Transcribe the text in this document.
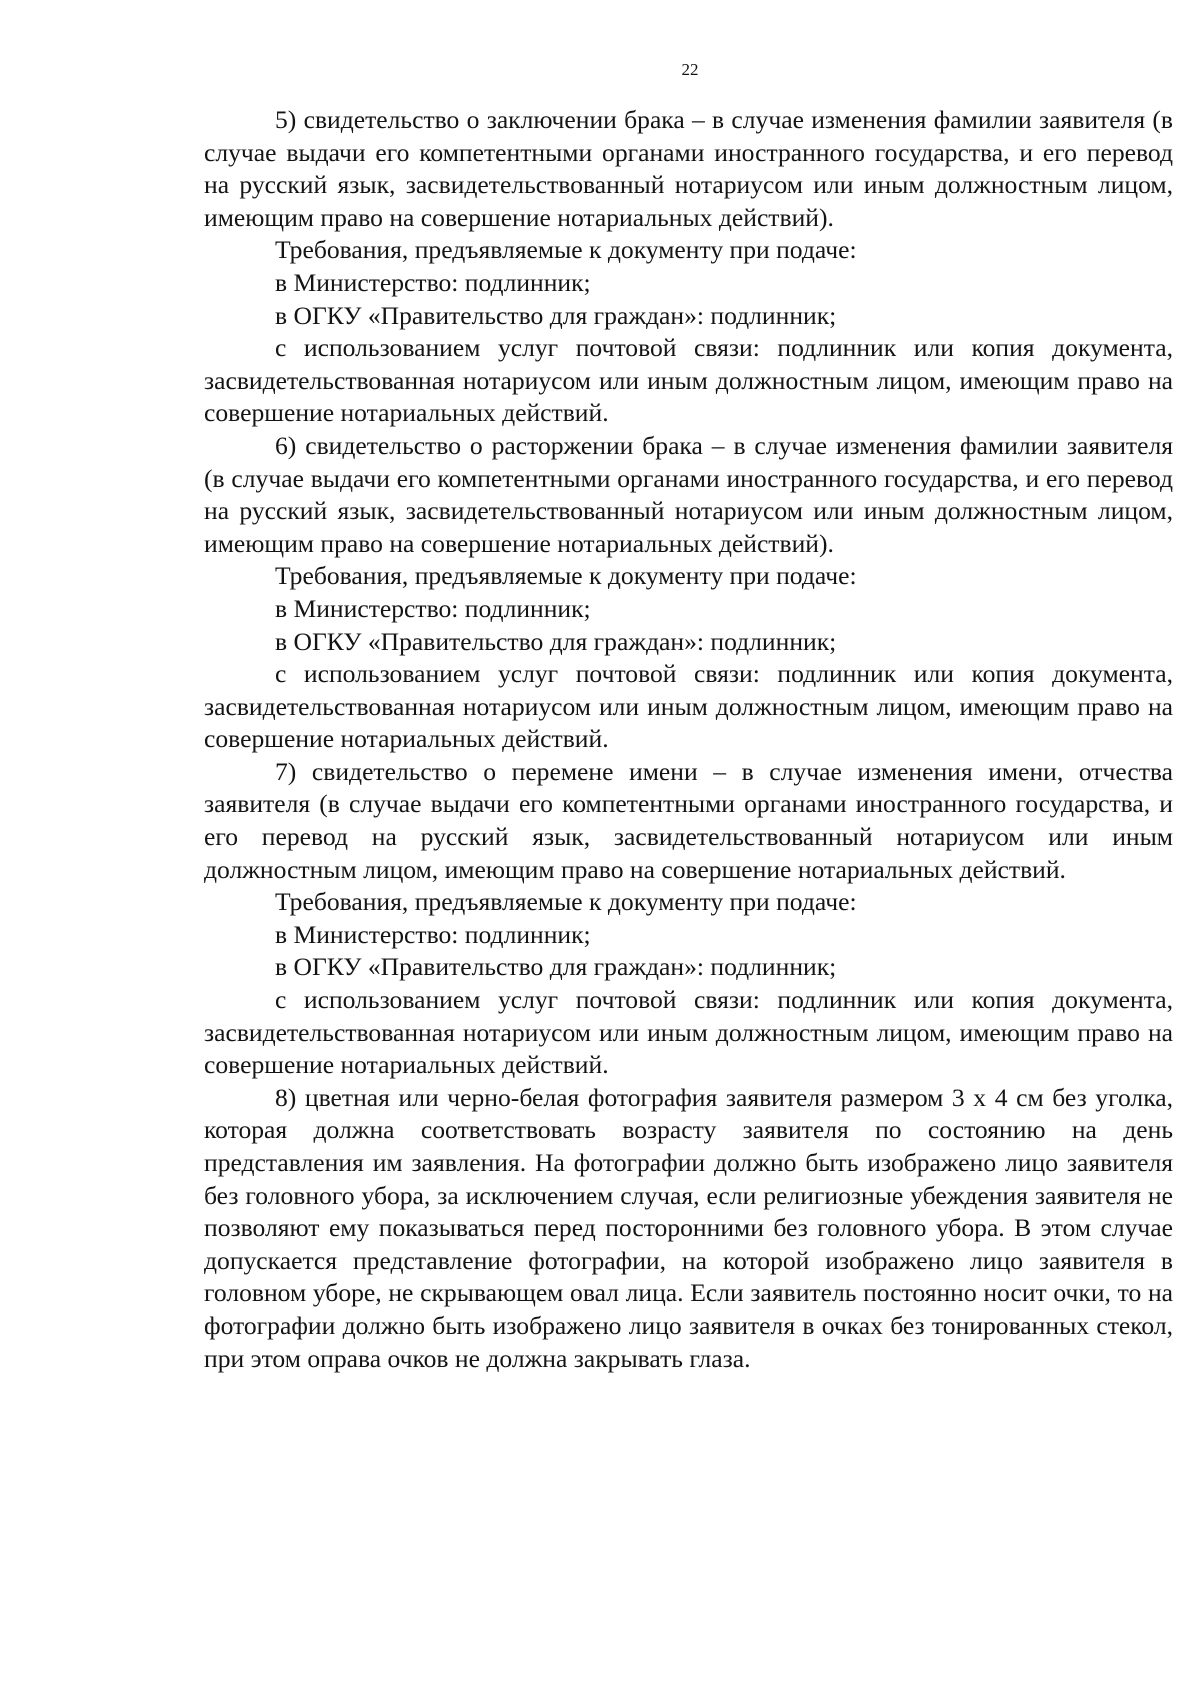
22

5) свидетельство о заключении брака – в случае изменения фамилии заявителя (в случае выдачи его компетентными органами иностранного государства, и его перевод на русский язык, засвидетельствованный нотариусом или иным должностным лицом, имеющим право на совершение нотариальных действий).

Требования, предъявляемые к документу при подаче:

в Министерство: подлинник;

в ОГКУ «Правительство для граждан»: подлинник;

с использованием услуг почтовой связи: подлинник или копия документа, засвидетельствованная нотариусом или иным должностным лицом, имеющим право на совершение нотариальных действий.

6) свидетельство о расторжении брака – в случае изменения фамилии заявителя (в случае выдачи его компетентными органами иностранного государства, и его перевод на русский язык, засвидетельствованный нотариусом или иным должностным лицом, имеющим право на совершение нотариальных действий).

Требования, предъявляемые к документу при подаче:

в Министерство: подлинник;

в ОГКУ «Правительство для граждан»: подлинник;

с использованием услуг почтовой связи: подлинник или копия документа, засвидетельствованная нотариусом или иным должностным лицом, имеющим право на совершение нотариальных действий.

7) свидетельство о перемене имени – в случае изменения имени, отчества заявителя (в случае выдачи его компетентными органами иностранного государства, и его перевод на русский язык, засвидетельствованный нотариусом или иным должностным лицом, имеющим право на совершение нотариальных действий.

Требования, предъявляемые к документу при подаче:

в Министерство: подлинник;

в ОГКУ «Правительство для граждан»: подлинник;

с использованием услуг почтовой связи: подлинник или копия документа, засвидетельствованная нотариусом или иным должностным лицом, имеющим право на совершение нотариальных действий.

8) цветная или черно-белая фотография заявителя размером 3 х 4 см без уголка, которая должна соответствовать возрасту заявителя по состоянию на день представления им заявления. На фотографии должно быть изображено лицо заявителя без головного убора, за исключением случая, если религиозные убеждения заявителя не позволяют ему показываться перед посторонними без головного убора. В этом случае допускается представление фотографии, на которой изображено лицо заявителя в головном уборе, не скрывающем овал лица. Если заявитель постоянно носит очки, то на фотографии должно быть изображено лицо заявителя в очках без тонированных стекол, при этом оправа очков не должна закрывать глаза.
